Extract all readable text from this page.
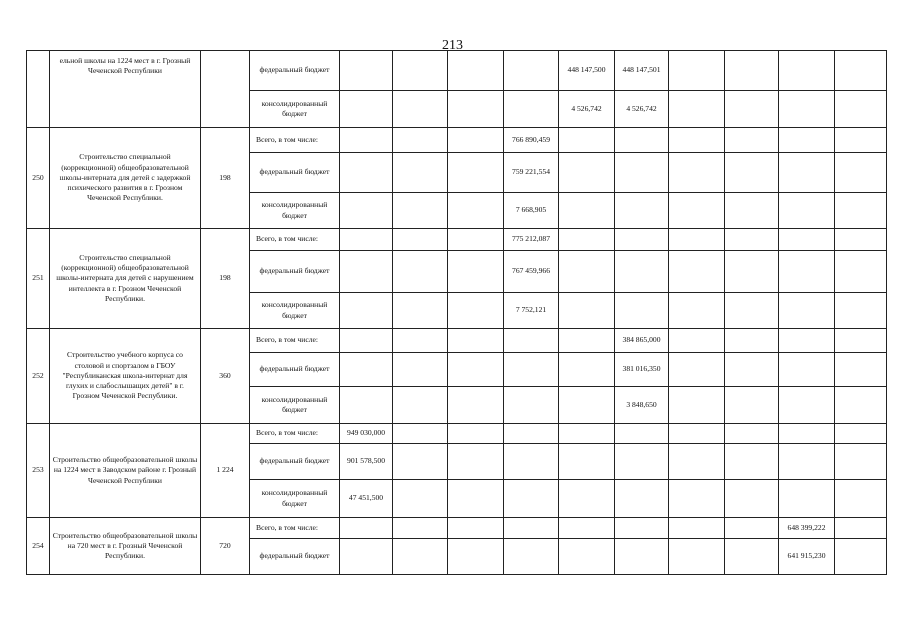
213
	ельной школы на 1224 мест в г. Грозный Чеченской Республики		федеральный бюджет					448 147,500	448 147,501				
			консолидированный бюджет					4 526,742	4 526,742				
250	Строительство специальной (коррекционной) общеобразовательной школы-интерната для детей с задержкой психического развития в г. Грозном Чеченской Республики.	198	Всего, в том числе:				766 890,459						
			федеральный бюджет				759 221,554						
			консолидированный бюджет				7 668,905						
251	Строительство специальной (коррекционной) общеобразовательной школы-интерната для детей с нарушением интеллекта в г. Грозном Чеченской Республики.	198	Всего, в том числе:				775 212,087						
			федеральный бюджет				767 459,966						
			консолидированный бюджет				7 752,121						
252	Строительство учебного корпуса со столовой и спортзалом в ГБОУ "Республиканская школа-интернат для глухих и слабослышащих детей" в г. Грозном Чеченской Республики.	360	Всего, в том числе:						384 865,000				
			федеральный бюджет						381 016,350				
			консолидированный бюджет						3 848,650				
253	Строительство общеобразовательной школы на 1224 мест в Заводском районе г. Грозный Чеченской Республики	1 224	Всего, в том числе:	949 030,000									
			федеральный бюджет	901 578,500									
			консолидированный бюджет	47 451,500									
254	Строительство общеобразовательной школы на 720 мест в г. Грозный Чеченской Республики.	720	Всего, в том числе:									648 399,222	
			федеральный бюджет									641 915,230	
